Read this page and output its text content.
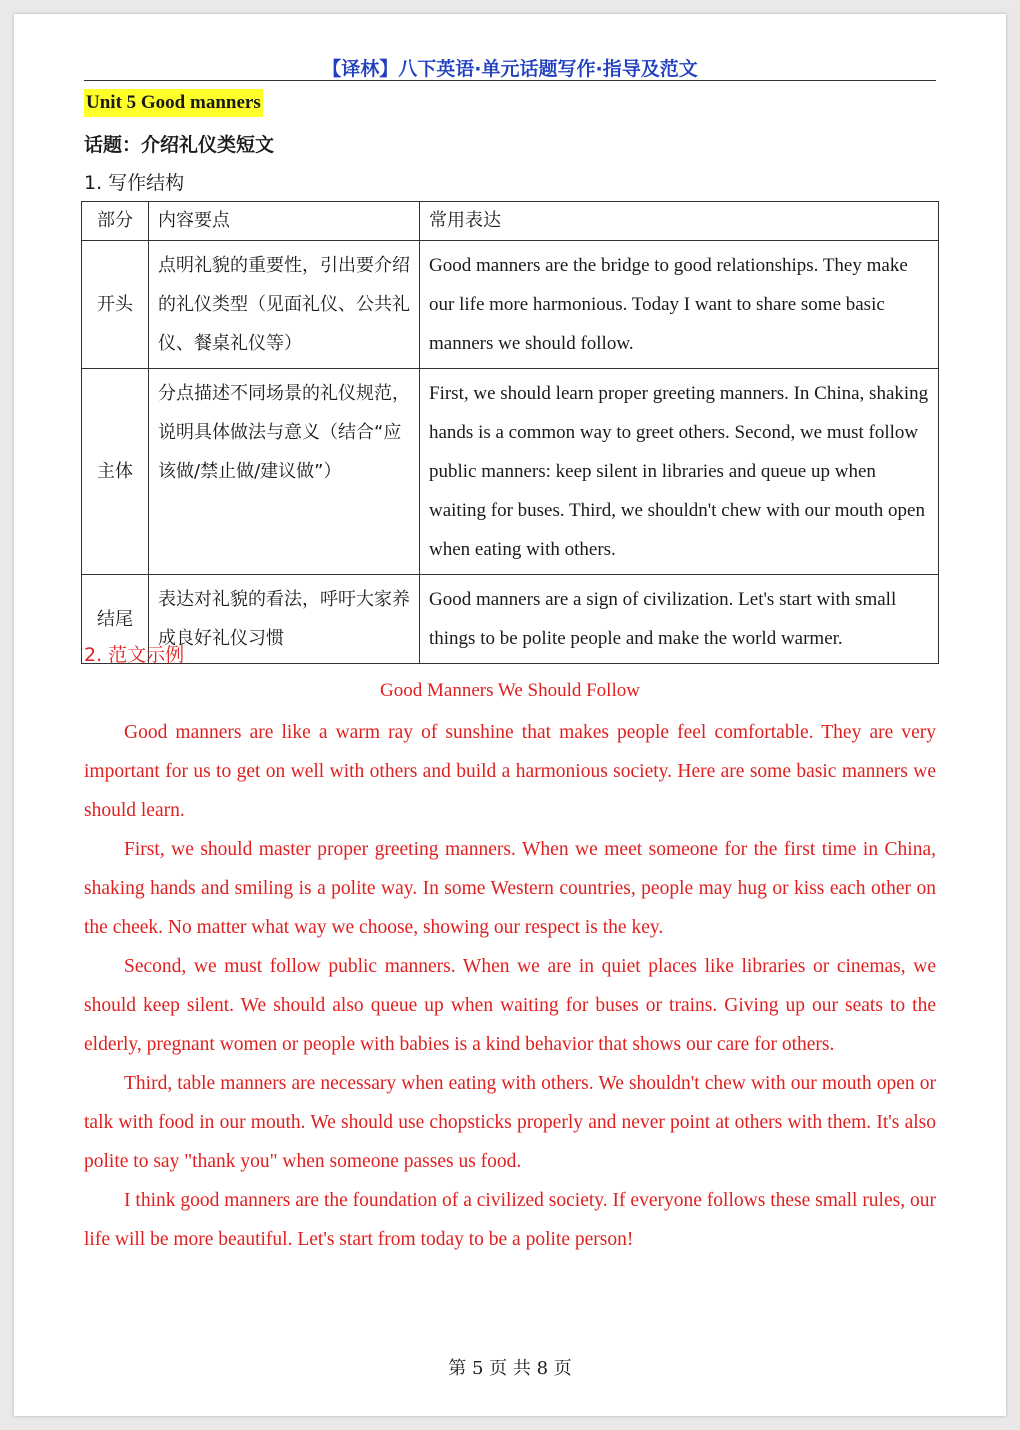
【译林】八下英语·单元话题写作·指导及范文
Unit 5 Good manners
话题：介绍礼仪类短文
1. 写作结构
部分	内容要点	常用表达
开头	点明礼貌的重要性，引出要介绍的礼仪类型（见面礼仪、公共礼仪、餐桌礼仪等）	Good manners are the bridge to good relationships. They make our life more harmonious. Today I want to share some basic manners we should follow.
主体	分点描述不同场景的礼仪规范，说明具体做法与意义（结合“应该做/禁止做/建议做”）	First, we should learn proper greeting manners. In China, shaking hands is a common way to greet others. Second, we must follow public manners: keep silent in libraries and queue up when waiting for buses. Third, we shouldn't chew with our mouth open when eating with others.
结尾	表达对礼貌的看法，呼吁大家养成良好礼仪习惯	Good manners are a sign of civilization. Let's start with small things to be polite people and make the world warmer.
2. 范文示例
Good Manners We Should Follow

Good manners are like a warm ray of sunshine that makes people feel comfortable. They are very important for us to get on well with others and build a harmonious society. Here are some basic manners we should learn.

First, we should master proper greeting manners. When we meet someone for the first time in China, shaking hands and smiling is a polite way. In some Western countries, people may hug or kiss each other on the cheek. No matter what way we choose, showing our respect is the key.

Second, we must follow public manners. When we are in quiet places like libraries or cinemas, we should keep silent. We should also queue up when waiting for buses or trains. Giving up our seats to the elderly, pregnant women or people with babies is a kind behavior that shows our care for others.

Third, table manners are necessary when eating with others. We shouldn't chew with our mouth open or talk with food in our mouth. We should use chopsticks properly and never point at others with them. It's also polite to say "thank you" when someone passes us food.

I think good manners are the foundation of a civilized society. If everyone follows these small rules, our life will be more beautiful. Let's start from today to be a polite person!

第 5 页 共 8 页
